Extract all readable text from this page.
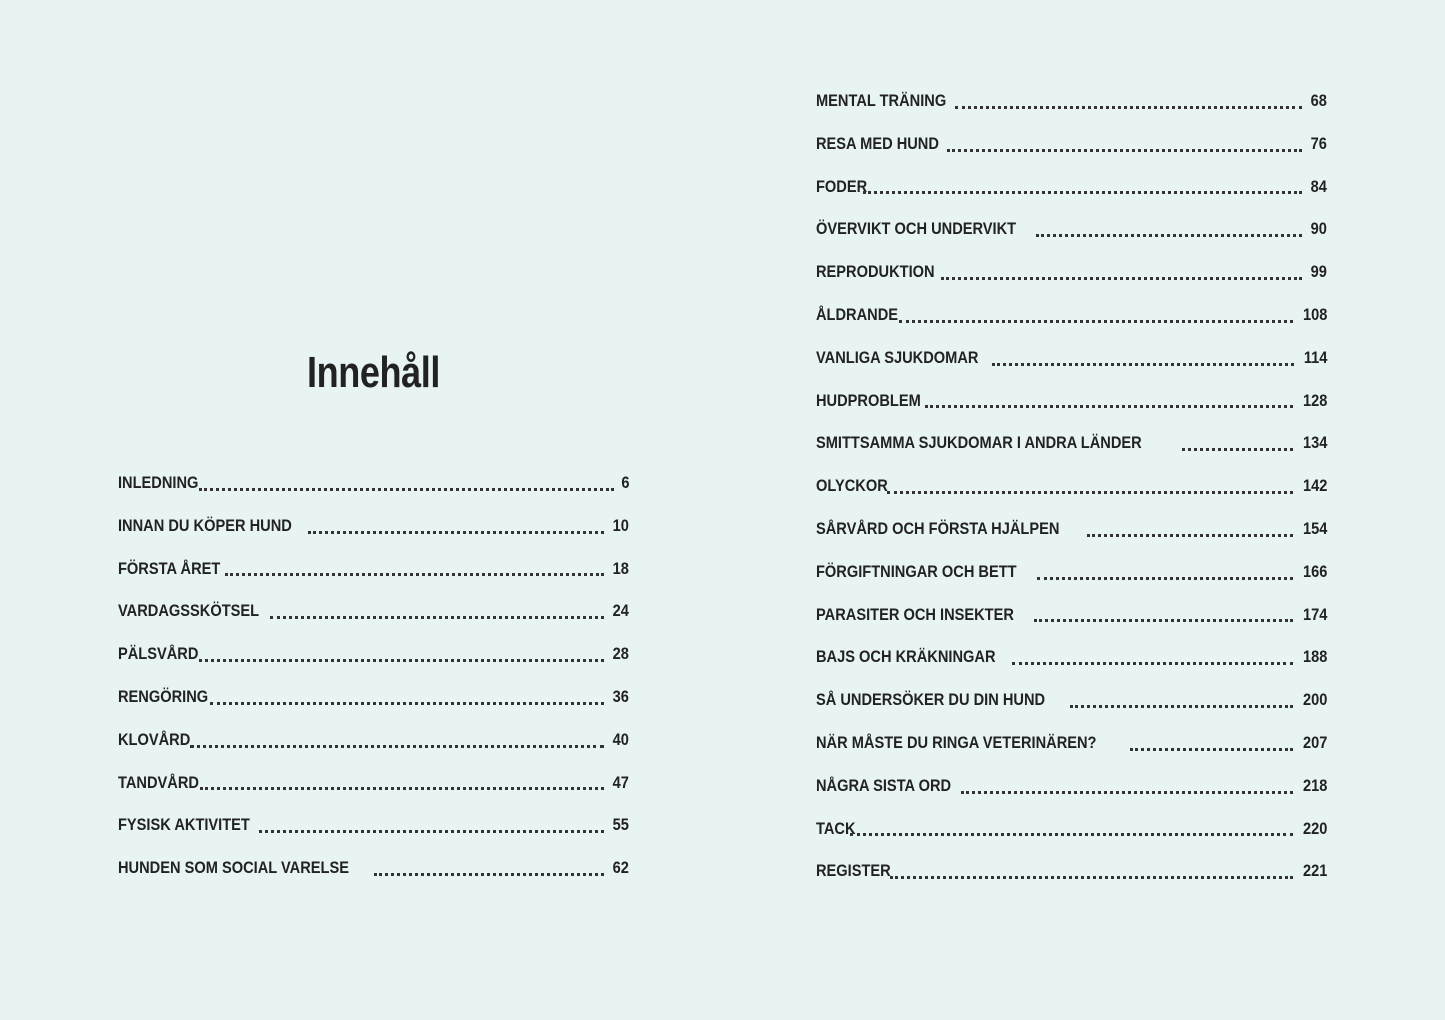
Innehåll
INLEDNING	6
INNAN DU KÖPER HUND	10
FÖRSTA ÅRET	18
VARDAGSSKÖTSEL	24
PÄLSVÅRD	28
RENGÖRING	36
KLOVÅRD	40
TANDVÅRD	47
FYSISK AKTIVITET	55
HUNDEN SOM SOCIAL VARELSE	62
MENTAL TRÄNING	68
RESA MED HUND	76
FODER	84
ÖVERVIKT OCH UNDERVIKT	90
REPRODUKTION	99
ÅLDRANDE	108
VANLIGA SJUKDOMAR	114
HUDPROBLEM	128
SMITTSAMMA SJUKDOMAR I ANDRA LÄNDER	134
OLYCKOR	142
SÅRVÅRD OCH FÖRSTA HJÄLPEN	154
FÖRGIFTNINGAR OCH BETT	166
PARASITER OCH INSEKTER	174
BAJS OCH KRÄKNINGAR	188
SÅ UNDERSÖKER DU DIN HUND	200
NÄR MÅSTE DU RINGA VETERINÄREN?	207
NÅGRA SISTA ORD	218
TACK	220
REGISTER	221
